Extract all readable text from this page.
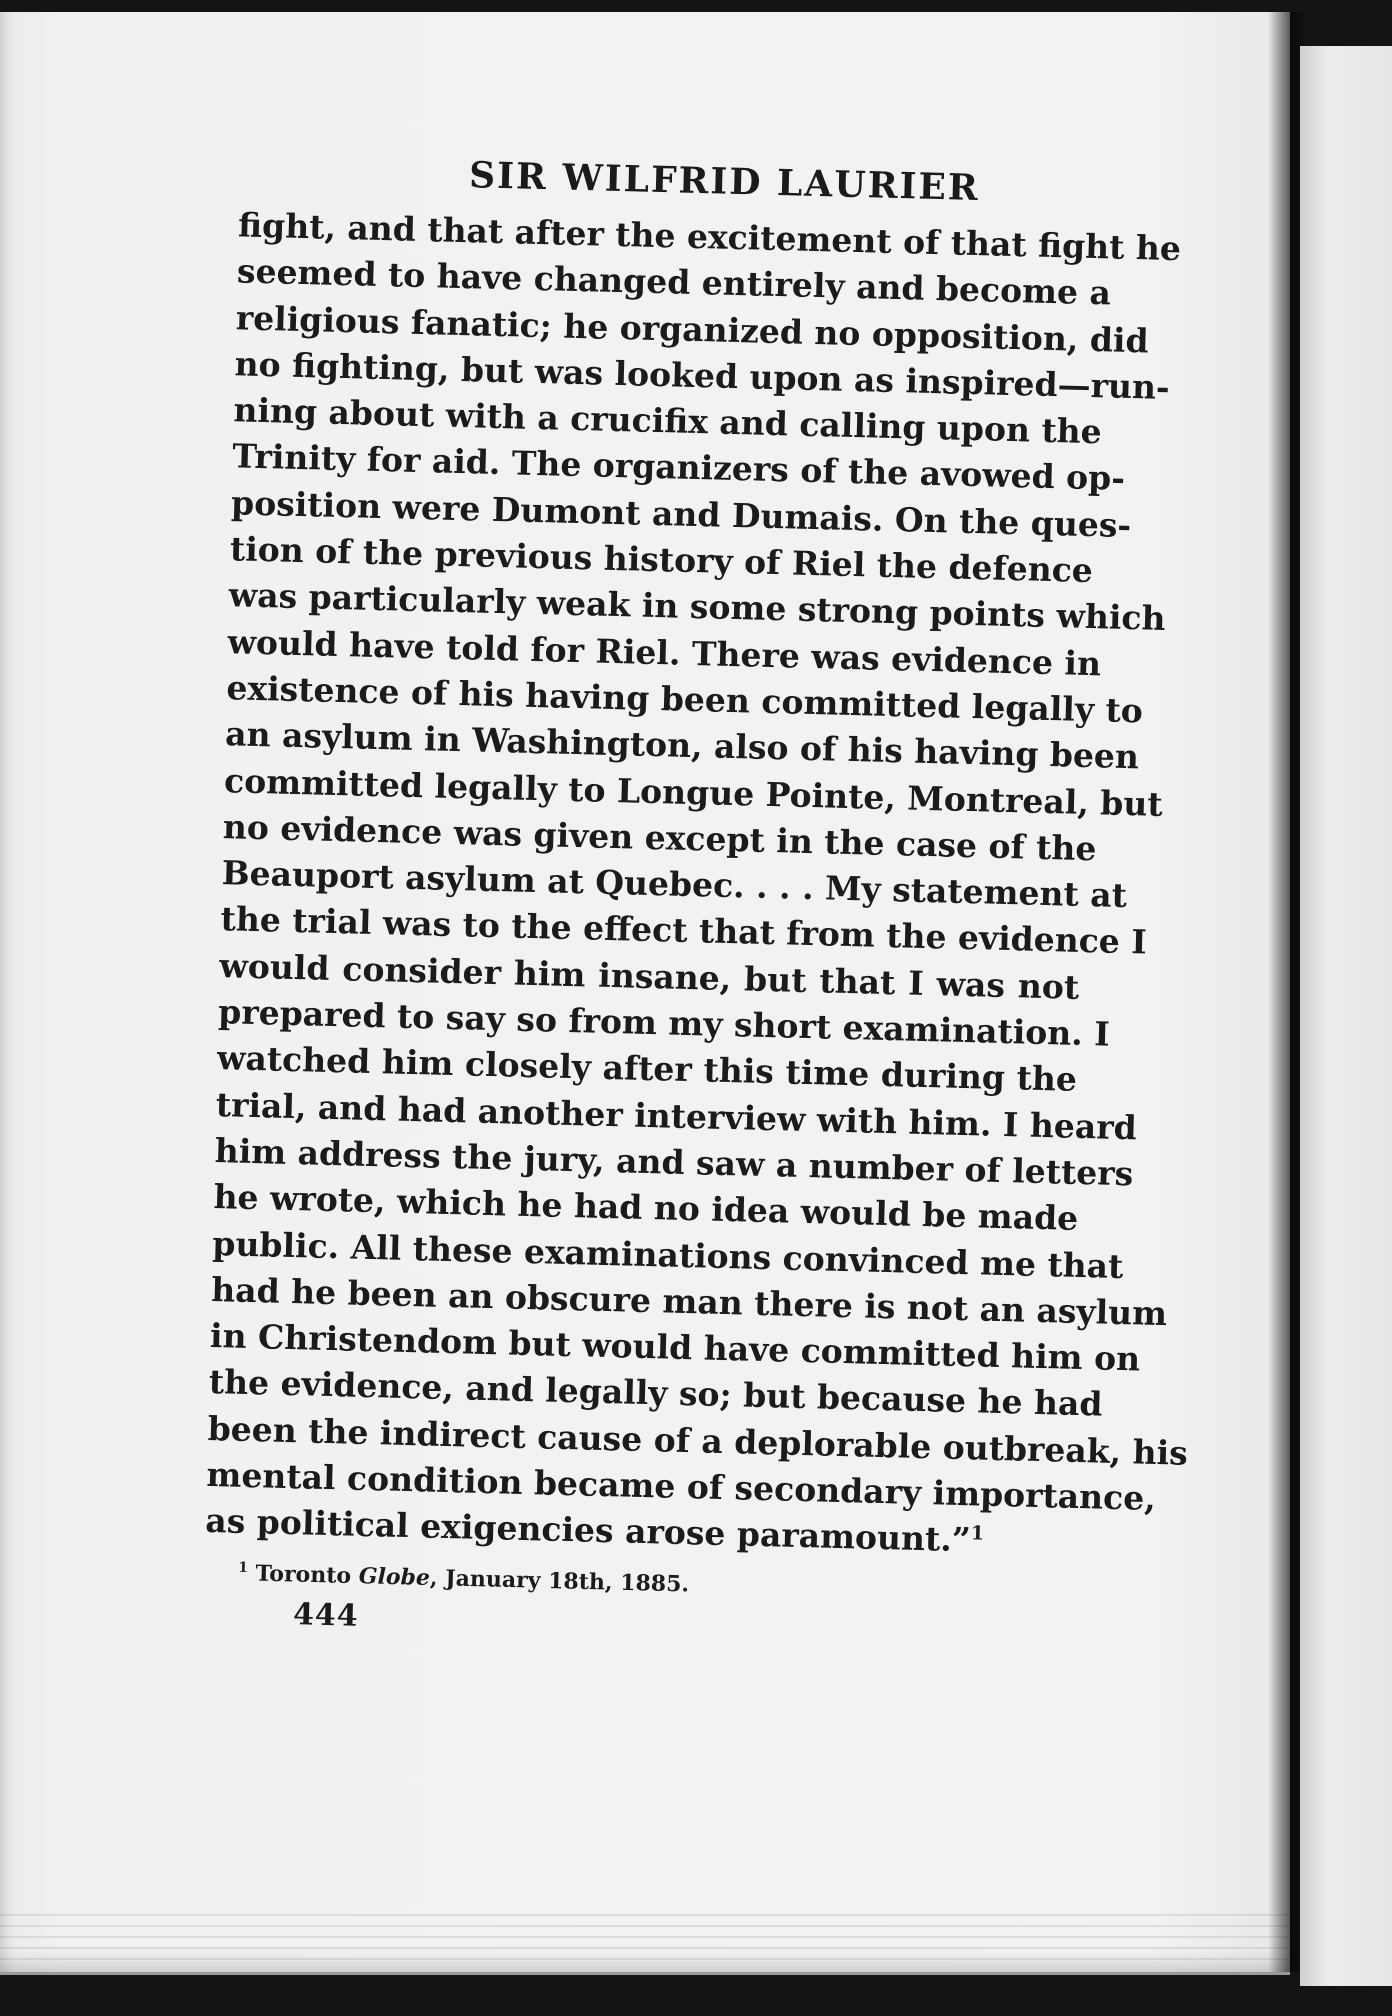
SIR WILFRID LAURIER
fight, and that after the excitement of that fight he
seemed to have changed entirely and become a
religious fanatic; he organized no opposition, did
no fighting, but was looked upon as inspired—run-
ning about with a crucifix and calling upon the
Trinity for aid. The organizers of the avowed op-
position were Dumont and Dumais. On the ques-
tion of the previous history of Riel the defence
was particularly weak in some strong points which
would have told for Riel. There was evidence in
existence of his having been committed legally to
an asylum in Washington, also of his having been
committed legally to Longue Pointe, Montreal, but
no evidence was given except in the case of the
Beauport asylum at Quebec. . . . My statement at
the trial was to the effect that from the evidence I
would consider him insane, but that I was not
prepared to say so from my short examination. I
watched him closely after this time during the
trial, and had another interview with him. I heard
him address the jury, and saw a number of letters
he wrote, which he had no idea would be made
public. All these examinations convinced me that
had he been an obscure man there is not an asylum
in Christendom but would have committed him on
the evidence, and legally so; but because he had
been the indirect cause of a deplorable outbreak, his
mental condition became of secondary importance,
as political exigencies arose paramount.”$^1$
$^1$ Toronto Globe, January 18th, 1885.
444
